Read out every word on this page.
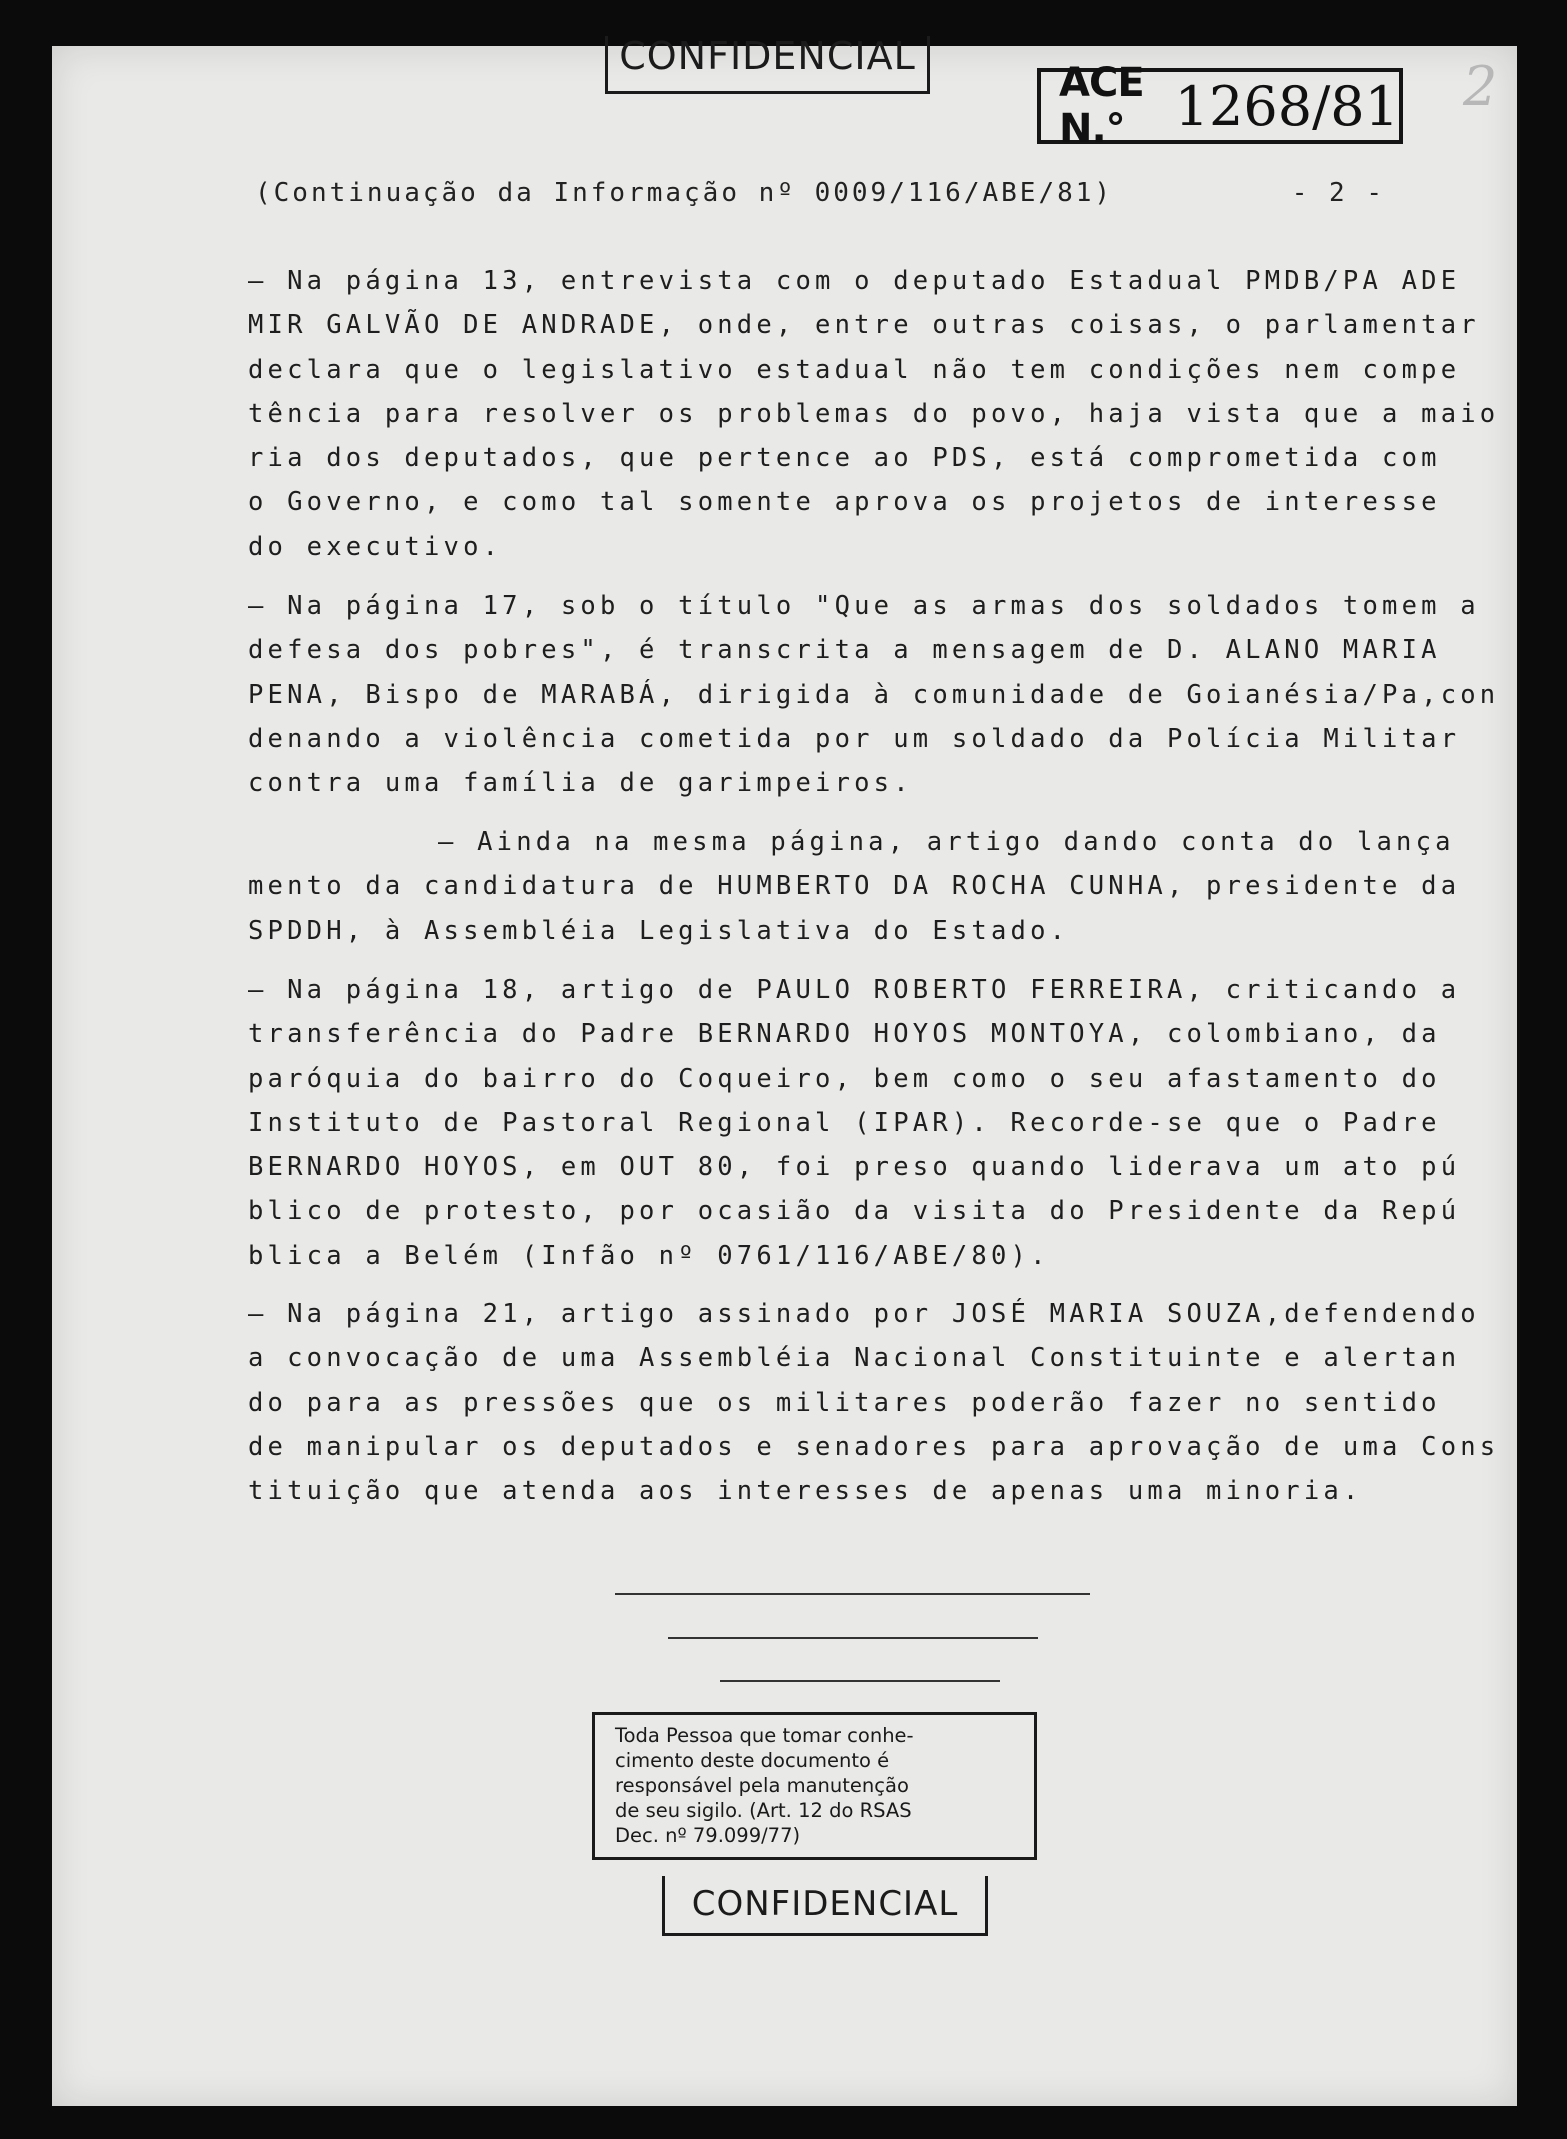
CONFIDENCIAL
ACE N.° 1268/81 2
(Continuação da Informação nº 0009/116/ABE/81)	- 2 -
— Na página 13, entrevista com o deputado Estadual PMDB/PA ADE
MIR GALVÃO DE ANDRADE, onde, entre outras coisas, o parlamentar
declara que o legislativo estadual não tem condições nem compe
tência para resolver os problemas do povo, haja vista que a maio
ria dos deputados, que pertence ao PDS, está comprometida com
o Governo, e como tal somente aprova os projetos de interesse
do executivo.
— Na página 17, sob o título "Que as armas dos soldados tomem a
defesa dos pobres", é transcrita a mensagem de D. ALANO MARIA
PENA, Bispo de MARABÁ, dirigida à comunidade de Goianésia/Pa,con
denando a violência cometida por um soldado da Polícia Militar
contra uma família de garimpeiros.
— Ainda na mesma página, artigo dando conta do lança
mento da candidatura de HUMBERTO DA ROCHA CUNHA, presidente da
SPDDH, à Assembléia Legislativa do Estado.
— Na página 18, artigo de PAULO ROBERTO FERREIRA, criticando a
transferência do Padre BERNARDO HOYOS MONTOYA, colombiano, da
paróquia do bairro do Coqueiro, bem como o seu afastamento do
Instituto de Pastoral Regional (IPAR). Recorde-se que o Padre
BERNARDO HOYOS, em OUT 80, foi preso quando liderava um ato pú
blico de protesto, por ocasião da visita do Presidente da Repú
blica a Belém (Infão nº 0761/116/ABE/80).
— Na página 21, artigo assinado por JOSÉ MARIA SOUZA,defendendo
a convocação de uma Assembléia Nacional Constituinte e alertan
do para as pressões que os militares poderão fazer no sentido
de manipular os deputados e senadores para aprovação de uma Cons
tituição que atenda aos interesses de apenas uma minoria.
Toda Pessoa que tomar conhe-
cimento deste documento é
responsável pela manutenção
de seu sigilo. (Art. 12 do RSAS
Dec. nº 79.099/77)
CONFIDENCIAL
